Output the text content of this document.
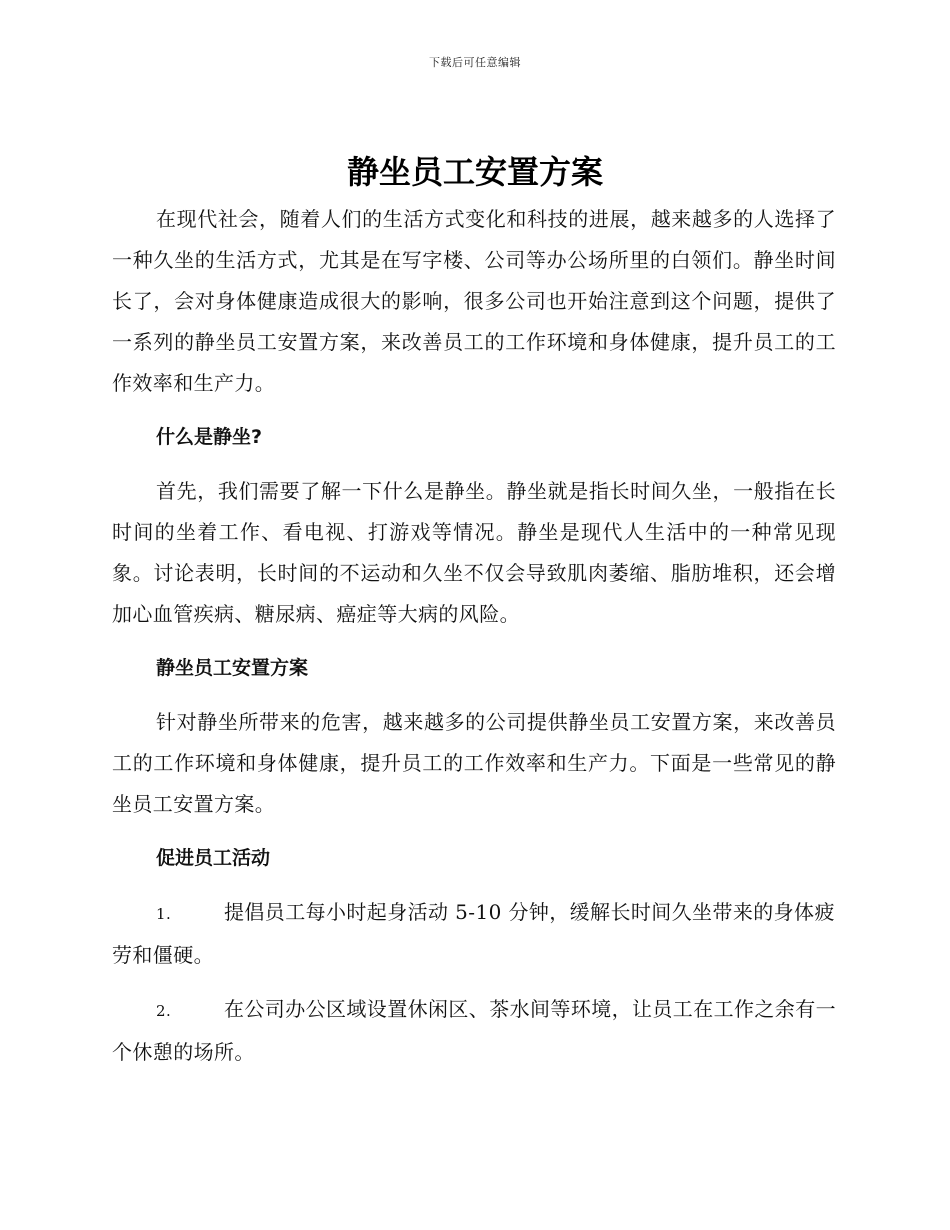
下载后可任意编辑
静坐员工安置方案

在现代社会，随着人们的生活方式变化和科技的进展，越来越多的人选择了一种久坐的生活方式，尤其是在写字楼、公司等办公场所里的白领们。静坐时间长了，会对身体健康造成很大的影响，很多公司也开始注意到这个问题，提供了一系列的静坐员工安置方案，来改善员工的工作环境和身体健康，提升员工的工作效率和生产力。

什么是静坐?

首先，我们需要了解一下什么是静坐。静坐就是指长时间久坐，一般指在长时间的坐着工作、看电视、打游戏等情况。静坐是现代人生活中的一种常见现象。讨论表明，长时间的不运动和久坐不仅会导致肌肉萎缩、脂肪堆积，还会增加心血管疾病、糖尿病、癌症等大病的风险。

静坐员工安置方案

针对静坐所带来的危害，越来越多的公司提供静坐员工安置方案，来改善员工的工作环境和身体健康，提升员工的工作效率和生产力。下面是一些常见的静坐员工安置方案。

促进员工活动
1.	提倡员工每小时起身活动 5-10 分钟，缓解长时间久坐带来的身体疲劳和僵硬。
2.	在公司办公区域设置休闲区、茶水间等环境，让员工在工作之余有一个休憩的场所。
